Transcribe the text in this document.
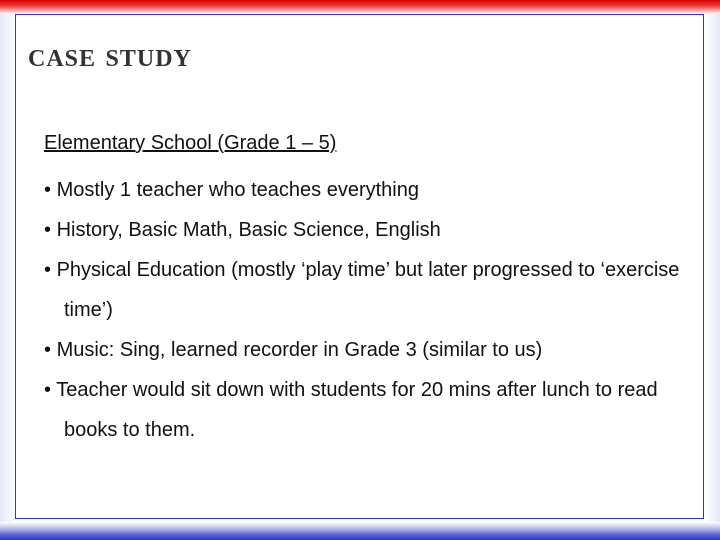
case study

Elementary School (Grade 1 – 5)

• Mostly 1 teacher who teaches everything
• History, Basic Math, Basic Science, English
• Physical Education (mostly ‘play time’ but later progressed to ‘exercise time’)
• Music: Sing, learned recorder in Grade 3 (similar to us)
• Teacher would sit down with students for 20 mins after lunch to read books to them.
